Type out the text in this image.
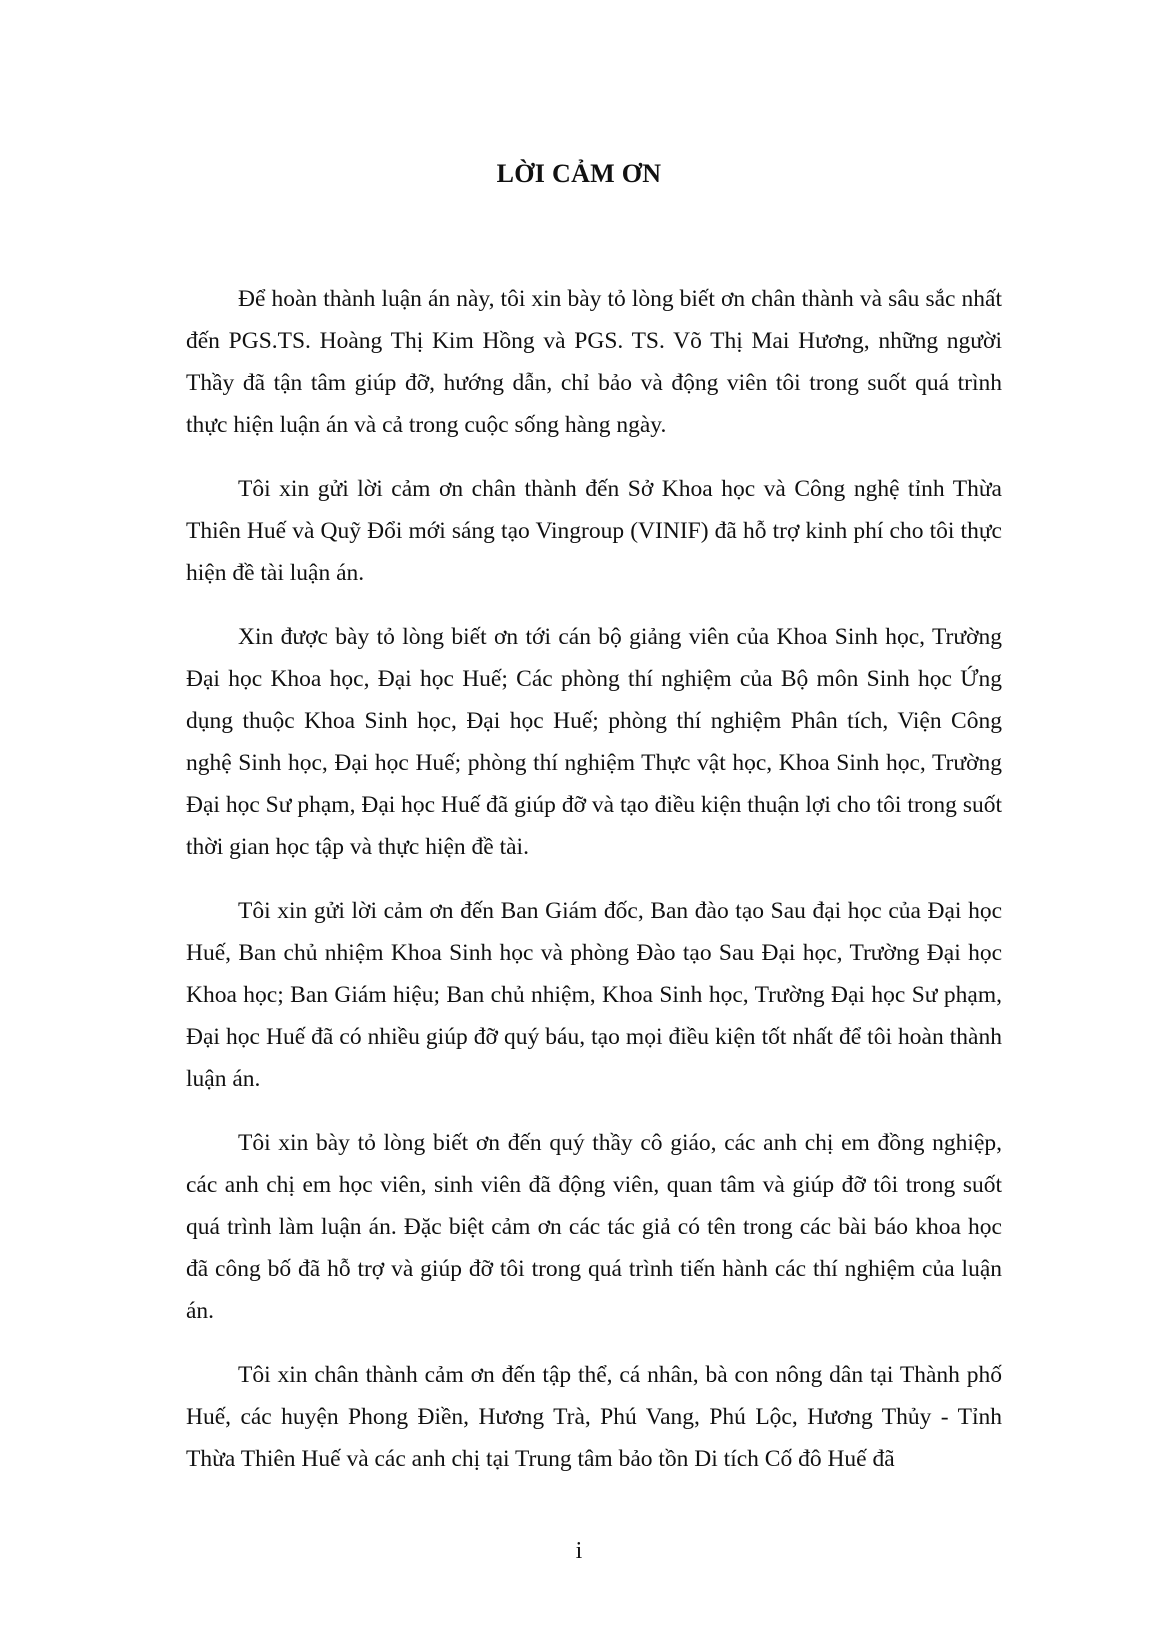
LỜI CẢM ƠN

Để hoàn thành luận án này, tôi xin bày tỏ lòng biết ơn chân thành và sâu sắc nhất đến PGS.TS. Hoàng Thị Kim Hồng và PGS. TS. Võ Thị Mai Hương, những người Thầy đã tận tâm giúp đỡ, hướng dẫn, chỉ bảo và động viên tôi trong suốt quá trình thực hiện luận án và cả trong cuộc sống hàng ngày.

Tôi xin gửi lời cảm ơn chân thành đến Sở Khoa học và Công nghệ tỉnh Thừa Thiên Huế và Quỹ Đổi mới sáng tạo Vingroup (VINIF) đã hỗ trợ kinh phí cho tôi thực hiện đề tài luận án.

Xin được bày tỏ lòng biết ơn tới cán bộ giảng viên của Khoa Sinh học, Trường Đại học Khoa học, Đại học Huế; Các phòng thí nghiệm của Bộ môn Sinh học Ứng dụng thuộc Khoa Sinh học, Đại học Huế; phòng thí nghiệm Phân tích, Viện Công nghệ Sinh học, Đại học Huế; phòng thí nghiệm Thực vật học, Khoa Sinh học, Trường Đại học Sư phạm, Đại học Huế đã giúp đỡ và tạo điều kiện thuận lợi cho tôi trong suốt thời gian học tập và thực hiện đề tài.

Tôi xin gửi lời cảm ơn đến Ban Giám đốc, Ban đào tạo Sau đại học của Đại học Huế, Ban chủ nhiệm Khoa Sinh học và phòng Đào tạo Sau Đại học, Trường Đại học Khoa học; Ban Giám hiệu; Ban chủ nhiệm, Khoa Sinh học, Trường Đại học Sư phạm, Đại học Huế đã có nhiều giúp đỡ quý báu, tạo mọi điều kiện tốt nhất để tôi hoàn thành luận án.

Tôi xin bày tỏ lòng biết ơn đến quý thầy cô giáo, các anh chị em đồng nghiệp, các anh chị em học viên, sinh viên đã động viên, quan tâm và giúp đỡ tôi trong suốt quá trình làm luận án. Đặc biệt cảm ơn các tác giả có tên trong các bài báo khoa học đã công bố đã hỗ trợ và giúp đỡ tôi trong quá trình tiến hành các thí nghiệm của luận án.

Tôi xin chân thành cảm ơn đến tập thể, cá nhân, bà con nông dân tại Thành phố Huế, các huyện Phong Điền, Hương Trà, Phú Vang, Phú Lộc, Hương Thủy - Tỉnh Thừa Thiên Huế và các anh chị tại Trung tâm bảo tồn Di tích Cố đô Huế đã

i
